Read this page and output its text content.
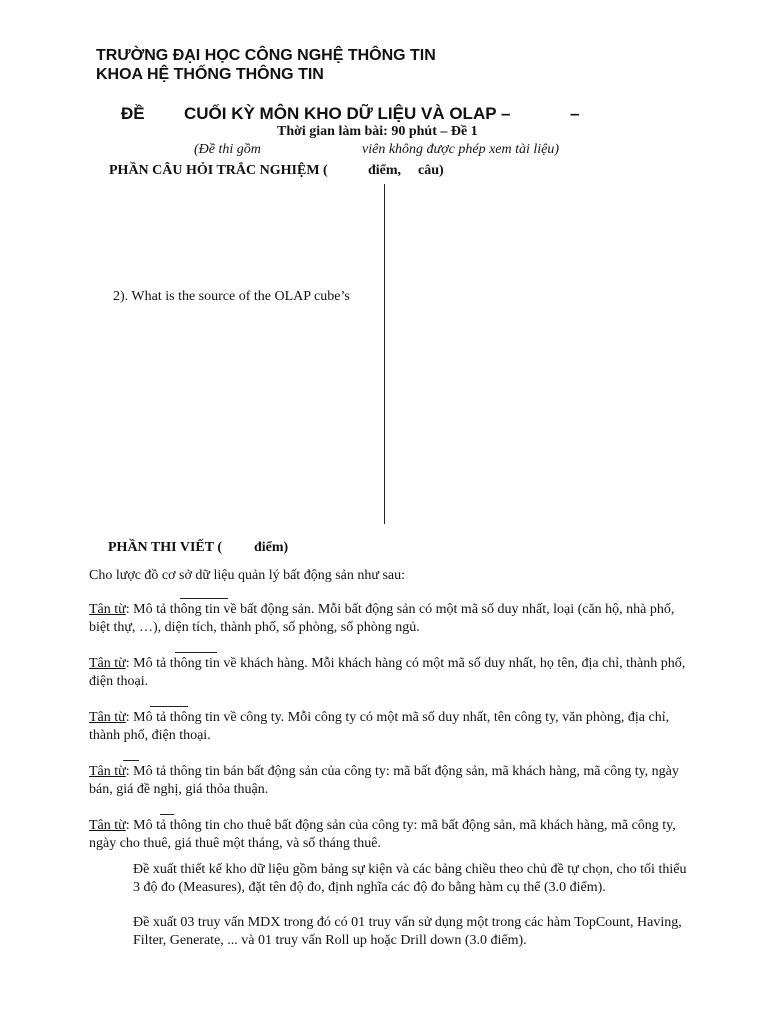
TRƯỜNG ĐẠI HỌC CÔNG NGHỆ THÔNG TIN
KHOA HỆ THỐNG THÔNG TIN
ĐỀ CUỐI KỲ MÔN KHO DỮ LIỆU VÀ OLAP –	–
Thời gian làm bài: 90 phút – Đề 1
(Đề thi gồm	viên không được phép xem tài liệu)
PHẦN CÂU HỎI TRẮC NGHIỆM (	điểm, câu)
2). What is the source of the OLAP cube’s
PHẦN THI VIẾT ( điểm)
Cho lược đồ cơ sở dữ liệu quản lý bất động sản như sau:
Tân từ: Mô tả thông tin về bất động sản. Mỗi bất động sản có một mã số duy nhất, loại (căn hộ, nhà phố, biệt thự, …), diện tích, thành phố, số phòng, số phòng ngủ.
Tân từ: Mô tả thông tin về khách hàng. Mỗi khách hàng có một mã số duy nhất, họ tên, địa chỉ, thành phố, điện thoại.
Tân từ: Mô tả thông tin về công ty. Mỗi công ty có một mã số duy nhất, tên công ty, văn phòng, địa chỉ, thành phố, điện thoại.
Tân từ: Mô tả thông tin bán bất động sản của công ty: mã bất động sản, mã khách hàng, mã công ty, ngày bán, giá đề nghị, giá thỏa thuận.
Tân từ: Mô tả thông tin cho thuê bất động sản của công ty: mã bất động sản, mã khách hàng, mã công ty, ngày cho thuê, giá thuê một tháng, và số tháng thuê.
Đề xuất thiết kế kho dữ liệu gồm bảng sự kiện và các bảng chiều theo chủ đề tự chọn, cho tối thiểu 3 độ đo (Measures), đặt tên độ đo, định nghĩa các độ đo bằng hàm cụ thể (3.0 điểm).
Đề xuất 03 truy vấn MDX trong đó có 01 truy vấn sử dụng một trong các hàm TopCount, Having, Filter, Generate, ... và 01 truy vấn Roll up hoặc Drill down (3.0 điểm).
